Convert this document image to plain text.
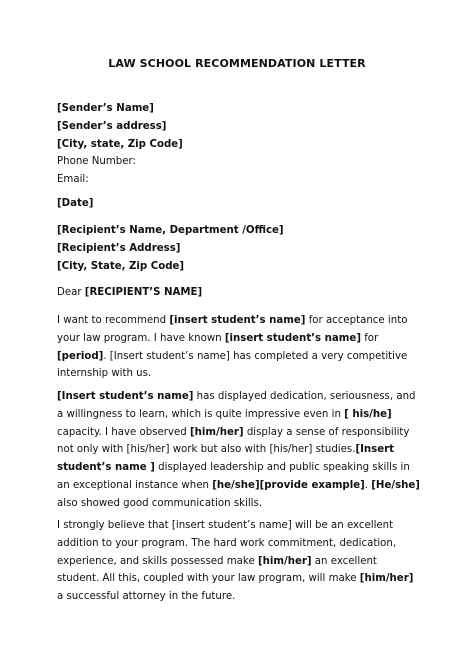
LAW SCHOOL RECOMMENDATION LETTER
[Sender’s Name]
[Sender’s address]
[City, state, Zip Code]
Phone Number:
Email:
[Date]
[Recipient’s Name, Department /Office]
[Recipient’s Address]
[City, State, Zip Code]
Dear [RECIPIENT’S NAME]

I want to recommend [insert student’s name] for acceptance into your law program. I have known [insert student’s name] for [period]. [Insert student’s name] has completed a very competitive internship with us.

[Insert student’s name] has displayed dedication, seriousness, and a willingness to learn, which is quite impressive even in [ his/he] capacity. I have observed [him/her] display a sense of responsibility not only with [his/her] work but also with [his/her] studies.[Insert student’s name ] displayed leadership and public speaking skills in an exceptional instance when [he/she][provide example]. [He/she] also showed good communication skills.

I strongly believe that [insert student’s name] will be an excellent addition to your program. The hard work commitment, dedication, experience, and skills possessed make [him/her] an excellent student. All this, coupled with your law program, will make [him/her] a successful attorney in the future.
